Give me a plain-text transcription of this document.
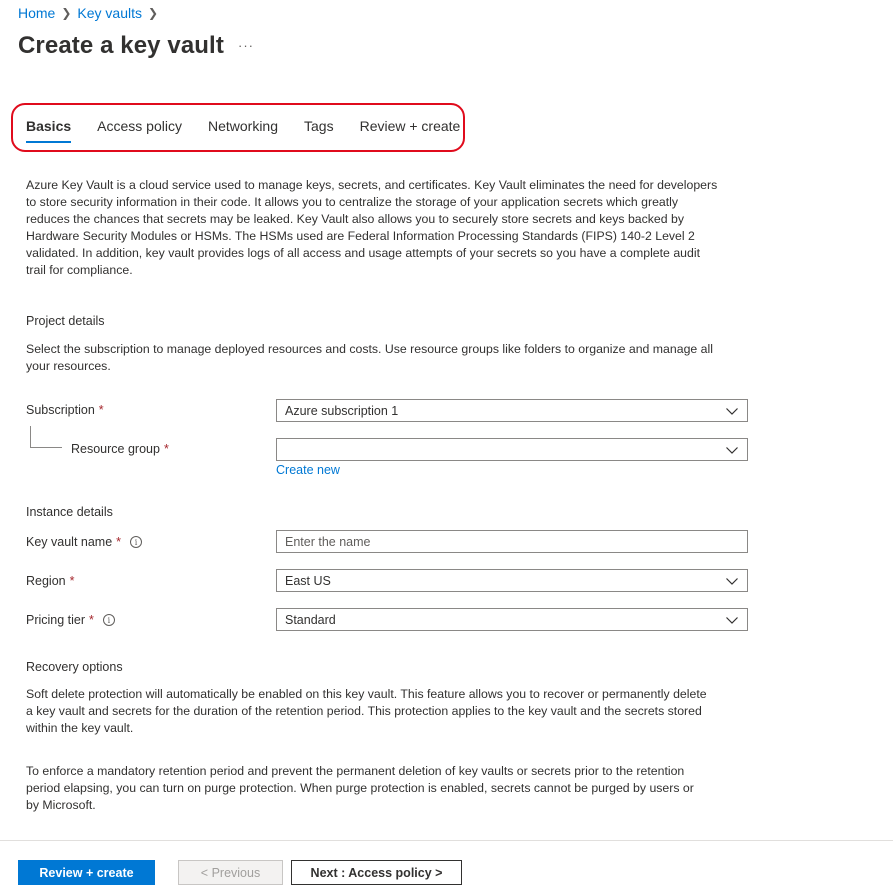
Home ❯ Key vaults ❯
Create a key vault ···
Basics Access policy Networking Tags Review + create
Azure Key Vault is a cloud service used to manage keys, secrets, and certificates. Key Vault eliminates the need for developers
to store security information in their code. It allows you to centralize the storage of your application secrets which greatly
reduces the chances that secrets may be leaked. Key Vault also allows you to securely store secrets and keys backed by
Hardware Security Modules or HSMs. The HSMs used are Federal Information Processing Standards (FIPS) 140-2 Level 2
validated. In addition, key vault provides logs of all access and usage attempts of your secrets so you have a complete audit
trail for compliance.
Project details
Select the subscription to manage deployed resources and costs. Use resource groups like folders to organize and manage all
your resources.
Subscription *	Azure subscription 1
Resource group *
Create new
Instance details
Key vault name *	i	Enter the name
Region *	East US
Pricing tier *	i	Standard
Recovery options
Soft delete protection will automatically be enabled on this key vault. This feature allows you to recover or permanently delete
a key vault and secrets for the duration of the retention period. This protection applies to the key vault and the secrets stored
within the key vault.
To enforce a mandatory retention period and prevent the permanent deletion of key vaults or secrets prior to the retention
period elapsing, you can turn on purge protection. When purge protection is enabled, secrets cannot be purged by users or
by Microsoft.
Review + create	< Previous	Next : Access policy >
